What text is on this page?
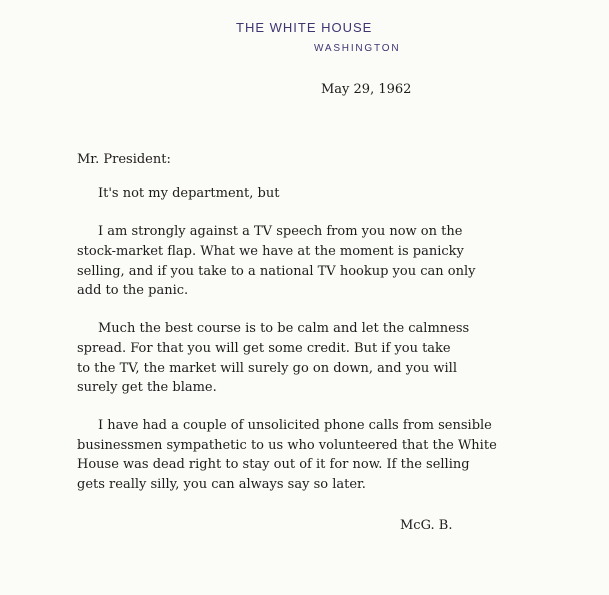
THE WHITE HOUSE
WASHINGTON
May 29, 1962
Mr. President:
It's not my department, but
I am strongly against a TV speech from you now on the
stock-market flap. What we have at the moment is panicky
selling, and if you take to a national TV hookup you can only
add to the panic.
Much the best course is to be calm and let the calmness
spread. For that you will get some credit. But if you take
to the TV, the market will surely go on down, and you will
surely get the blame.
I have had a couple of unsolicited phone calls from sensible
businessmen sympathetic to us who volunteered that the White
House was dead right to stay out of it for now. If the selling
gets really silly, you can always say so later.
McG. B.
